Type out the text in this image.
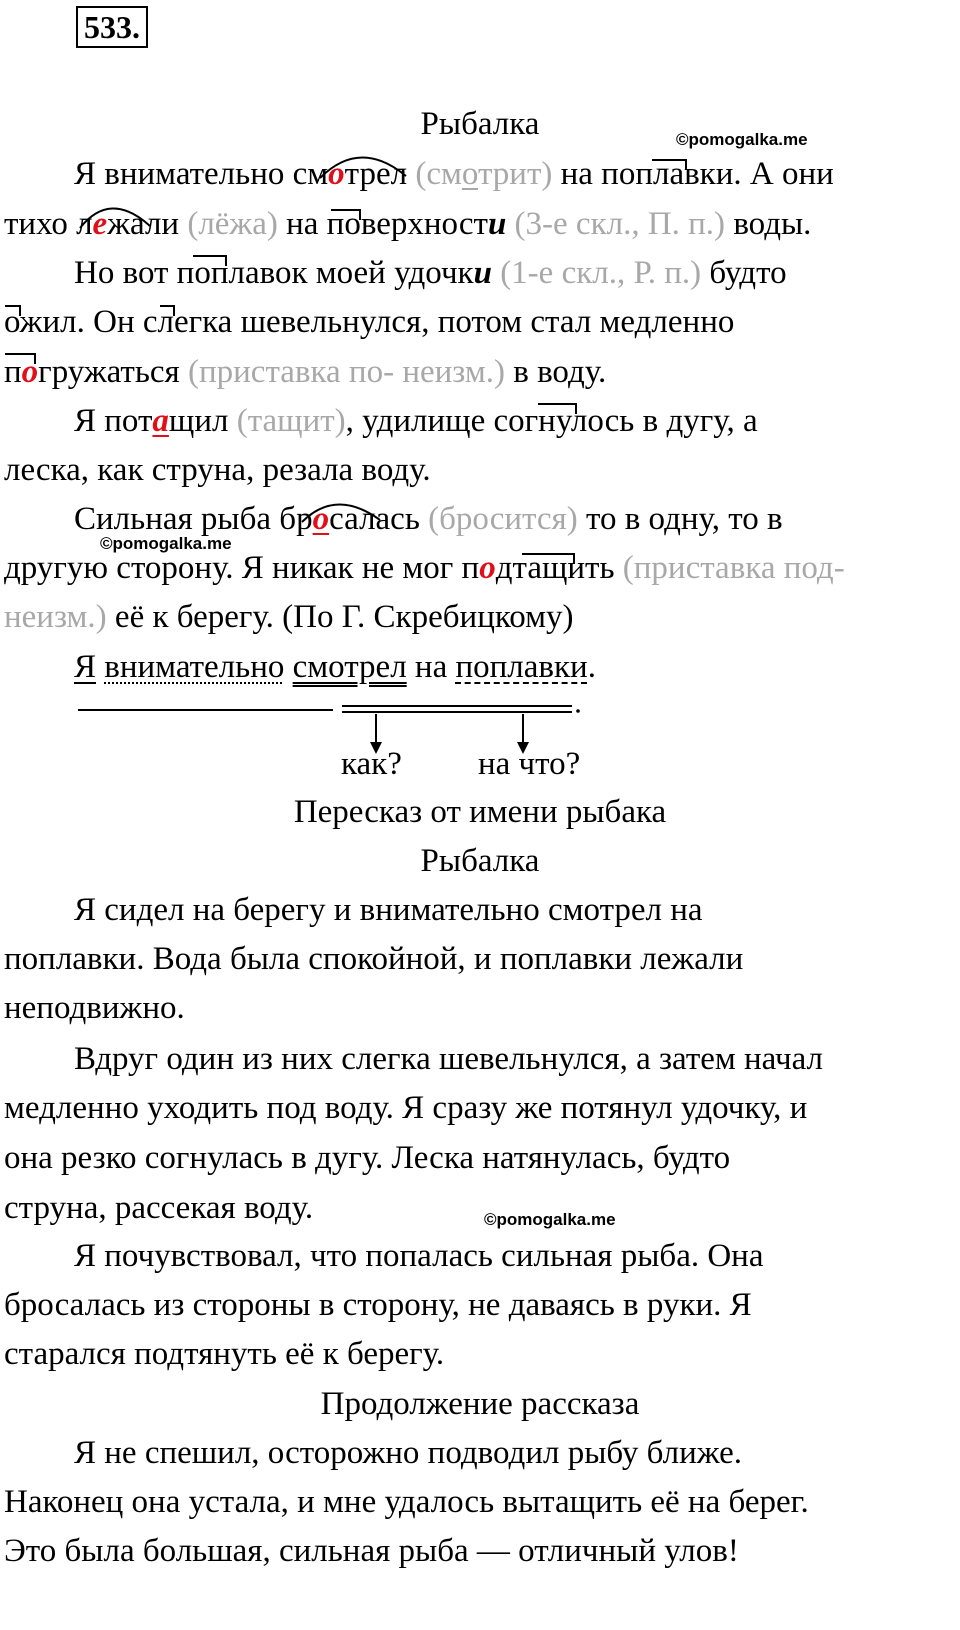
533.
Рыбалка	©pomogalka.me
Я внимательно смотрел (смотрит) на поплавки. А они
тихо лежали (лёжа) на поверхности (3-е скл., П. п.) воды.
Но вот поплавок моей удочки (1-е скл., Р. п.) будто
ожил. Он слегка шевельнулся, потом стал медленно
погружаться (приставка по- неизм.) в воду.
Я потащил (тащит), удилище согнулось в дугу, а
леска, как струна, резала воду.
Сильная рыба бросалась (бросится) то в одну, то в
©pomogalka.me
другую сторону. Я никак не мог подтащить (приставка под-
неизм.) её к берегу. (По Г. Скребицкому)
Я внимательно смотрел на поплавки.
как? на что?
Пересказ от имени рыбака
Рыбалка
Я сидел на берегу и внимательно смотрел на
поплавки. Вода была спокойной, и поплавки лежали
неподвижно.
Вдруг один из них слегка шевельнулся, а затем начал
медленно уходить под воду. Я сразу же потянул удочку, и
она резко согнулась в дугу. Леска натянулась, будто
струна, рассекая воду.	©pomogalka.me
Я почувствовал, что попалась сильная рыба. Она
бросалась из стороны в сторону, не даваясь в руки. Я
старался подтянуть её к берегу.
Продолжение рассказа
Я не спешил, осторожно подводил рыбу ближе.
Наконец она устала, и мне удалось вытащить её на берег.
Это была большая, сильная рыба — отличный улов!
